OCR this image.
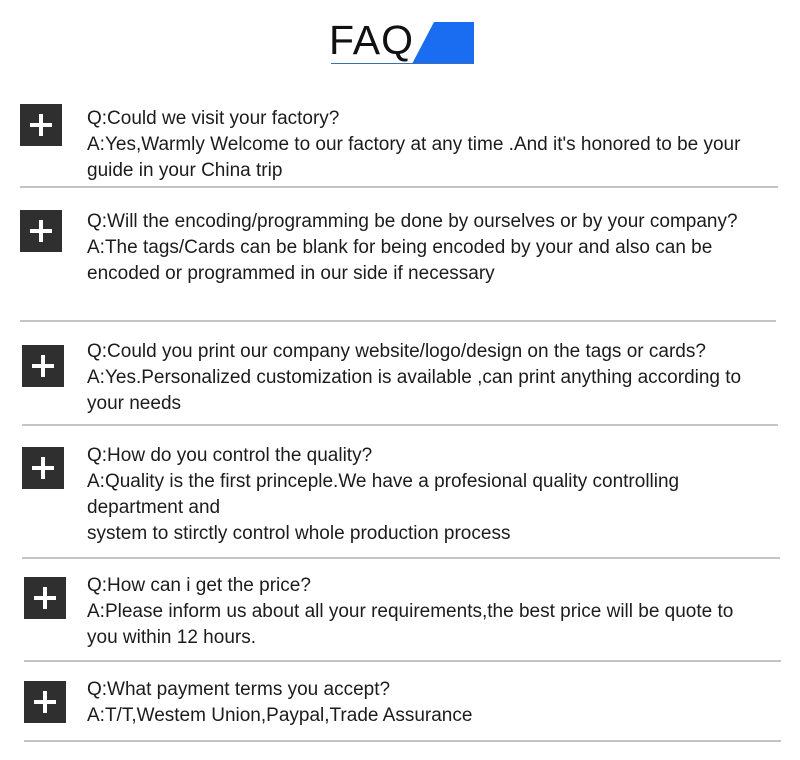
FAQ

Q:Could we visit your factory?

A:Yes,Warmly Welcome to our factory at any time .And it's honored to be your guide in your China trip

Q:Will the encoding/programming be done by ourselves or by your company?

A:The tags/Cards can be blank for being encoded by your and also can be encoded or programmed in our side if necessary

Q:Could you print our company website/logo/design on the tags or cards?

A:Yes.Personalized customization is available ,can print anything according to your needs

Q:How do you control the quality?

A:Quality is the first princeple.We have a profesional quality controlling department and

system to stirctly control whole production process

Q:How can i get the price?

A:Please inform us about all your requirements,the best price will be quote to you within 12 hours.

Q:What payment terms you accept?

A:T/T,Westem Union,Paypal,Trade Assurance
